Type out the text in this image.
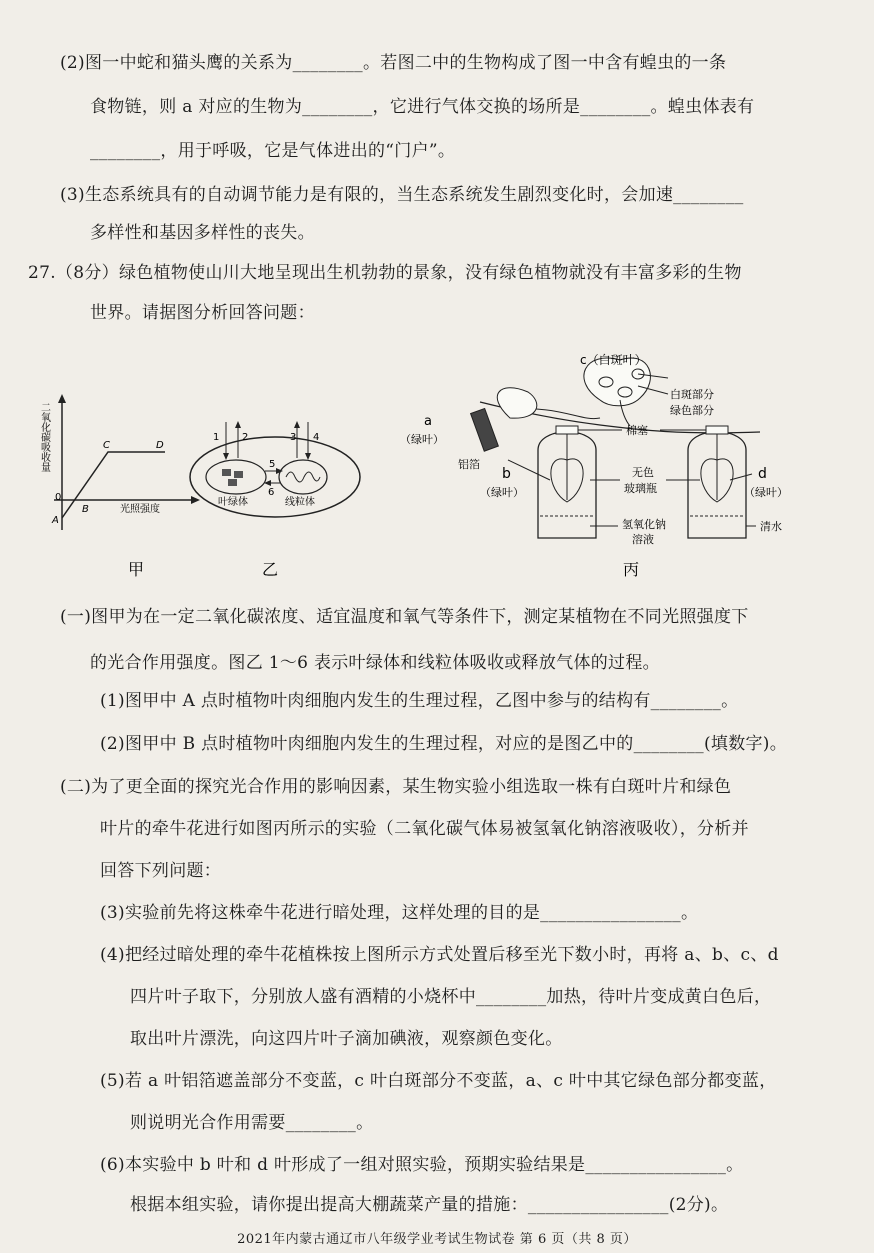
(2)图一中蛇和猫头鹰的关系为________。若图二中的生物构成了图一中含有蝗虫的一条
食物链，则 a 对应的生物为________，它进行气体交换的场所是________。蝗虫体表有
________，用于呼吸，它是气体进出的“门户”。
(3)生态系统具有的自动调节能力是有限的，当生态系统发生剧烈变化时，会加速________
多样性和基因多样性的丧失。
27.（8分）绿色植物使山川大地呈现出生机勃勃的景象，没有绿色植物就没有丰富多彩的生物
世界。请据图分析回答问题：
二氧化碳吸收量
0
A
B
C	D
光照强度
甲
1 2	3 4
5
6
叶绿体	线粒体
乙
c（白斑叶）
白斑部分
绿色部分
a
（绿叶）
铝箔
棉塞
b
（绿叶）
无色
玻璃瓶
d
（绿叶）
氢氧化钠
溶液
清水
丙
(一)图甲为在一定二氧化碳浓度、适宜温度和氧气等条件下，测定某植物在不同光照强度下
的光合作用强度。图乙 1～6 表示叶绿体和线粒体吸收或释放气体的过程。
(1)图甲中 A 点时植物叶肉细胞内发生的生理过程，乙图中参与的结构有________。
(2)图甲中 B 点时植物叶肉细胞内发生的生理过程，对应的是图乙中的________(填数字)。
(二)为了更全面的探究光合作用的影响因素，某生物实验小组选取一株有白斑叶片和绿色
叶片的牵牛花进行如图丙所示的实验（二氧化碳气体易被氢氧化钠溶液吸收），分析并
回答下列问题：
(3)实验前先将这株牵牛花进行暗处理，这样处理的目的是________________。
(4)把经过暗处理的牵牛花植株按上图所示方式处置后移至光下数小时，再将 a、b、c、d
四片叶子取下，分别放人盛有酒精的小烧杯中________加热，待叶片变成黄白色后，
取出叶片漂洗，向这四片叶子滴加碘液，观察颜色变化。
(5)若 a 叶铝箔遮盖部分不变蓝，c 叶白斑部分不变蓝，a、c 叶中其它绿色部分都变蓝，
则说明光合作用需要________。
(6)本实验中 b 叶和 d 叶形成了一组对照实验，预期实验结果是________________。
根据本组实验，请你提出提高大棚蔬菜产量的措施：________________(2分)。
2021年内蒙古通辽市八年级学业考试生物试卷 第 6 页（共 8 页）
